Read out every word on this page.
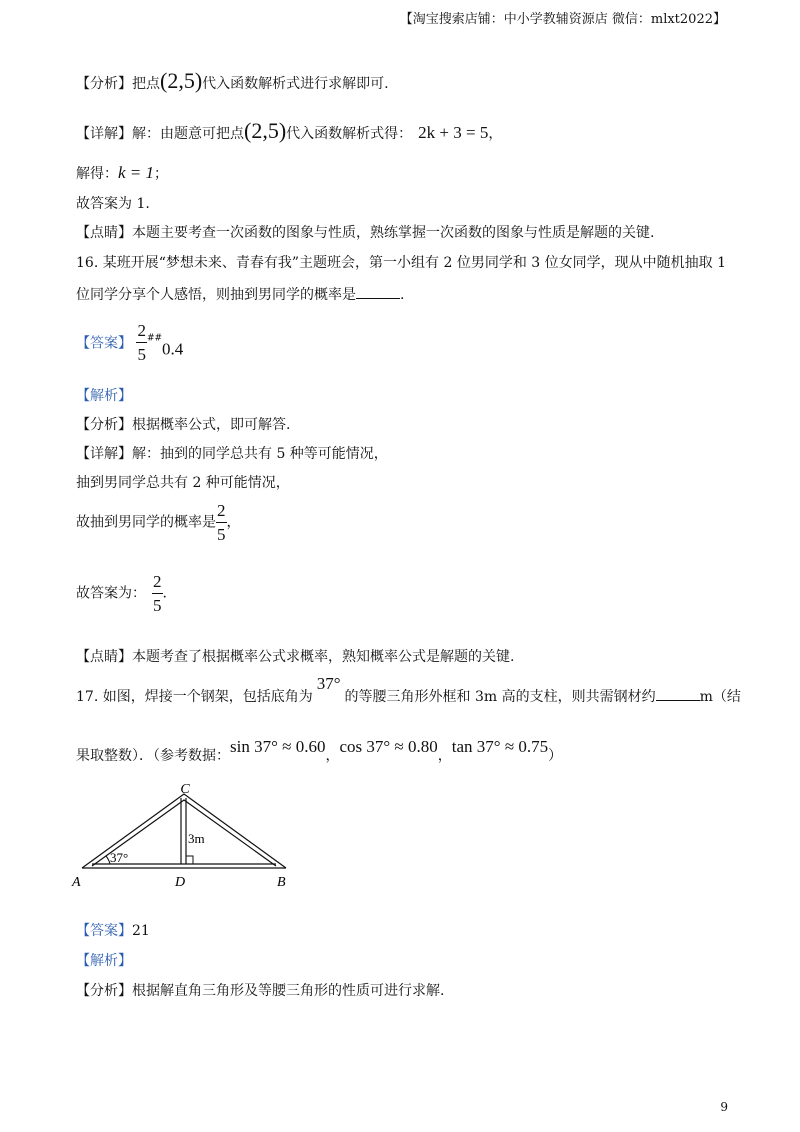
【淘宝搜索店铺：中小学教辅资源店 微信：mlxt2022】
【分析】把点(2,5)代入函数解析式进行求解即可.
【详解】解：由题意可把点(2,5)代入函数解析式得： 2k + 3 = 5，
解得：k = 1；
故答案为 1.
【点睛】本题主要考查一次函数的图象与性质，熟练掌握一次函数的图象与性质是解题的关键.
16. 某班开展“梦想未来、青春有我”主题班会，第一小组有 2 位男同学和 3 位女同学，现从中随机抽取 1
位同学分享个人感悟，则抽到男同学的概率是	.
【答案】 $\frac{2}{5} ^{\#\#}0.4$
【解析】
【分析】根据概率公式，即可解答.
【详解】解：抽到的同学总共有 5 种等可能情况，
抽到男同学总共有 2 种可能情况，
故抽到男同学的概率是 $\frac{2}{5}$ ，
故答案为： $\frac{2}{5}$ .
【点睛】本题考查了根据概率公式求概率，熟知概率公式是解题的关键.
17. 如图，焊接一个钢架，包括底角为37°的等腰三角形外框和 3m 高的支柱，则共需钢材约	m（结
果取整数）．（参考数据：sin 37° ≈ 0.60，cos 37° ≈ 0.80，tan 37° ≈ 0.75）
C
A	D	B
3m
37°
【答案】21
【解析】
【分析】根据解直角三角形及等腰三角形的性质可进行求解.
9
